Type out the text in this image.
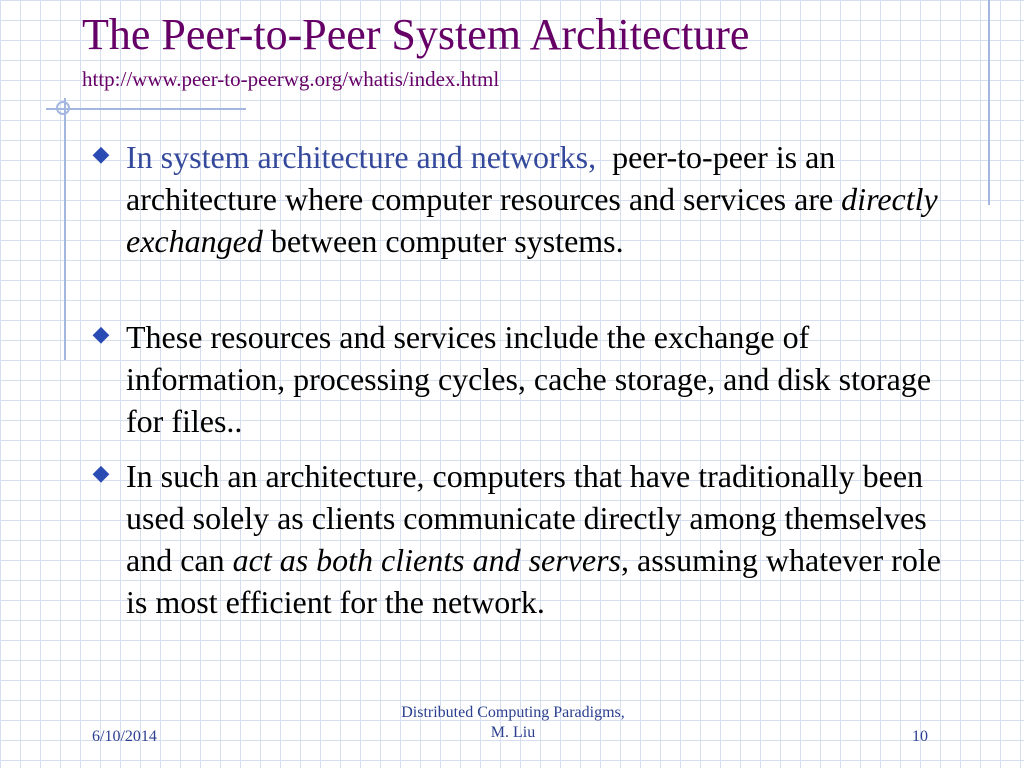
The Peer-to-Peer System Architecture
http://www.peer-to-peerwg.org/whatis/index.html
◆ In system architecture and networks,  peer-to-peer is an architecture where computer resources and services are directly exchanged between computer systems.
◆ These resources and services include the exchange of information, processing cycles, cache storage, and disk storage for files..
◆ In such an architecture, computers that have traditionally been used solely as clients communicate directly among themselves and can act as both clients and servers, assuming whatever role is most efficient for the network.
6/10/2014
Distributed Computing Paradigms,
M. Liu	10
